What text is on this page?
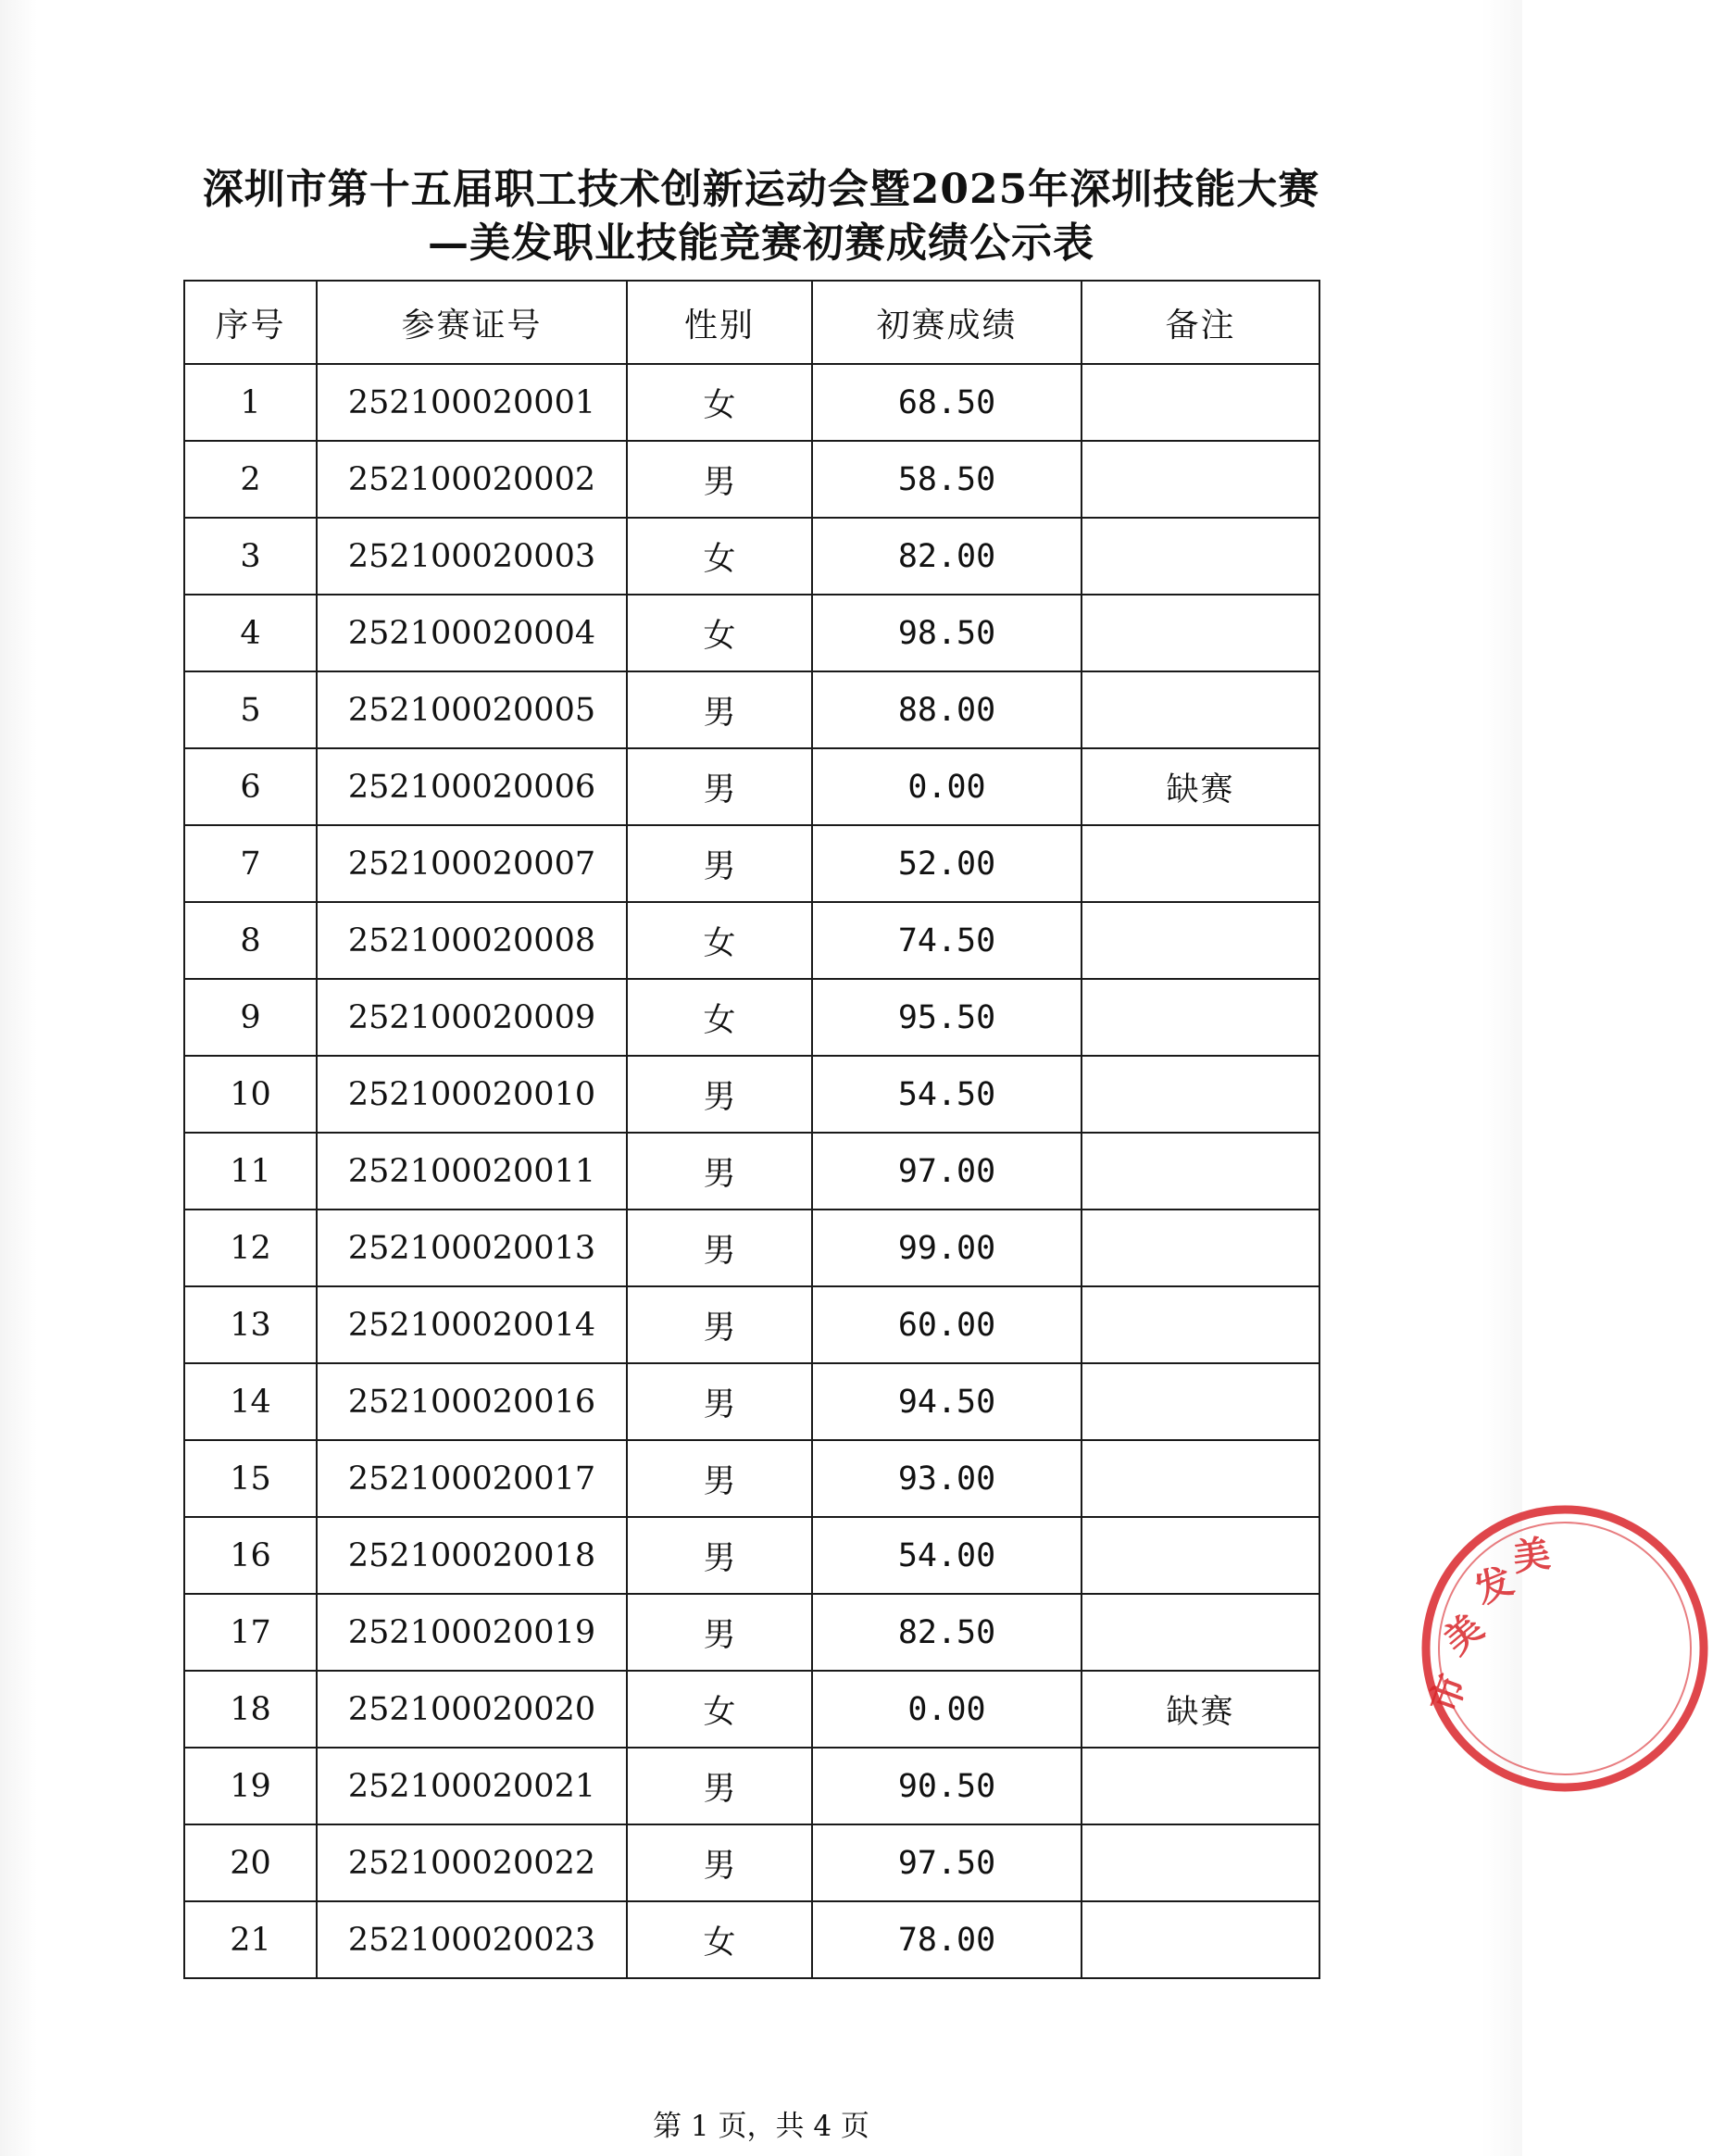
深圳市第十五届职工技术创新运动会暨2025年深圳技能大赛
—美发职业技能竞赛初赛成绩公示表
序号	参赛证号	性别	初赛成绩	备注
1	252100020001	女	68.50	
2	252100020002	男	58.50	
3	252100020003	女	82.00	
4	252100020004	女	98.50	
5	252100020005	男	88.00	
6	252100020006	男	0.00	缺赛
7	252100020007	男	52.00	
8	252100020008	女	74.50	
9	252100020009	女	95.50	
10	252100020010	男	54.50	
11	252100020011	男	97.00	
12	252100020013	男	99.00	
13	252100020014	男	60.00	
14	252100020016	男	94.50	
15	252100020017	男	93.00	
16	252100020018	男	54.00	
17	252100020019	男	82.50	
18	252100020020	女	0.00	缺赛
19	252100020021	男	90.50	
20	252100020022	男	97.50	
21	252100020023	女	78.00	
市
美
发
美
第 1 页，共 4 页
